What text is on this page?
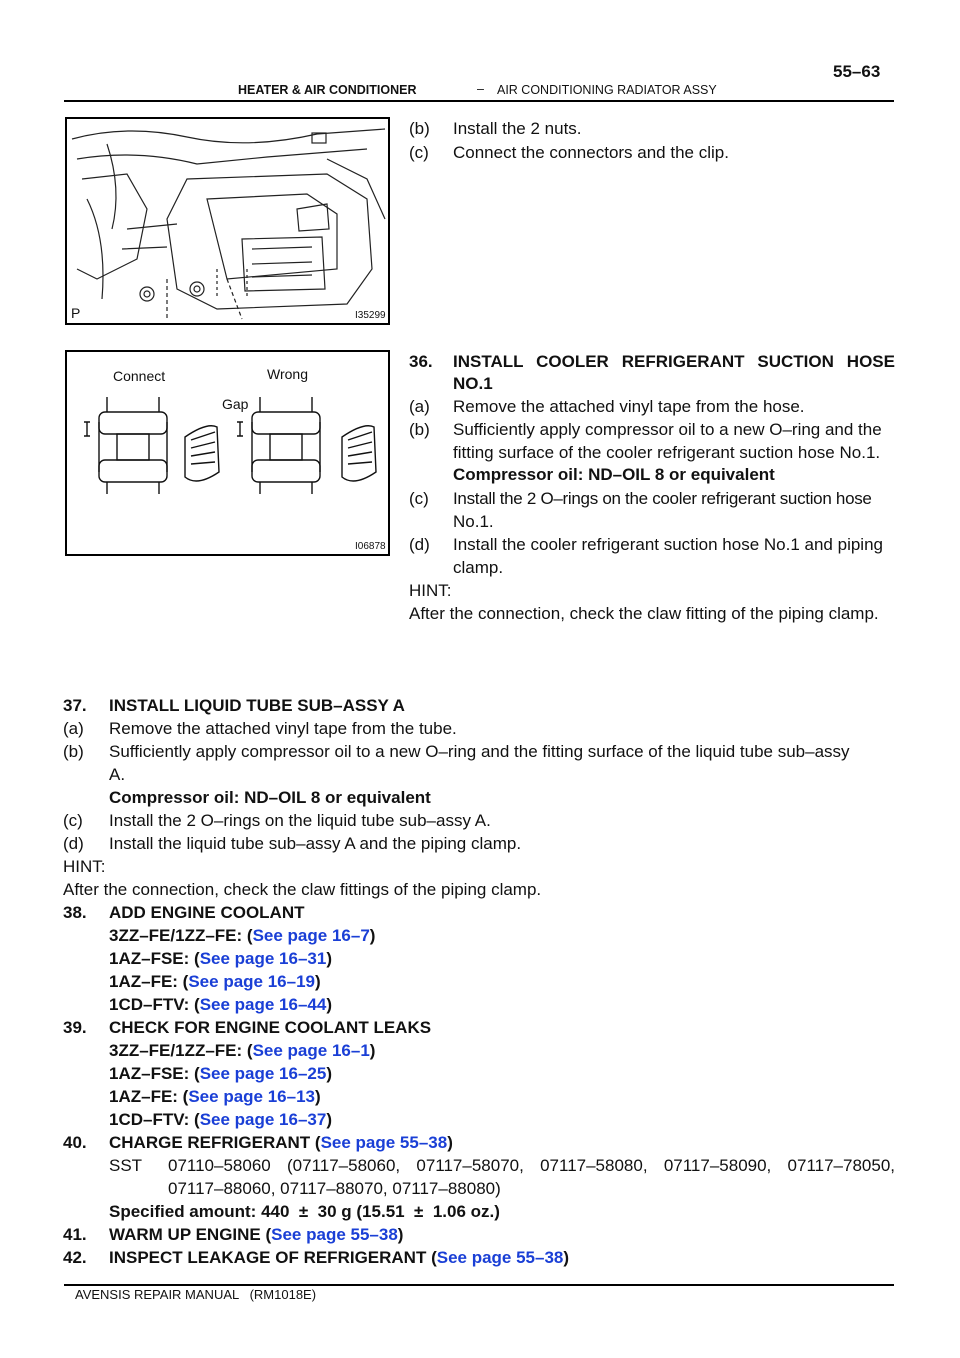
55–63
HEATER & AIR CONDITIONER	– AIR CONDITIONING RADIATOR ASSY
I35299
P
Connect	Wrong
Gap
I06878
(b) Install the 2 nuts.
(c) Connect the connectors and the clip.
36. INSTALL COOLER REFRIGERANT SUCTION HOSE
NO.1
(a) Remove the attached vinyl tape from the hose.
(b) Sufficiently apply compressor oil to a new O–ring and the
fitting surface of the cooler refrigerant suction hose No.1.
Compressor oil: ND–OIL 8 or equivalent
(c) Install the 2 O–rings on the cooler refrigerant suction hose
No.1.
(d) Install the cooler refrigerant suction hose No.1 and piping
clamp.
HINT:
After the connection, check the claw fitting of the piping clamp.
37. INSTALL LIQUID TUBE SUB–ASSY A
(a) Remove the attached vinyl tape from the tube.
(b) Sufficiently apply compressor oil to a new O–ring and the fitting surface of the liquid tube sub–assy
A.
Compressor oil: ND–OIL 8 or equivalent
(c) Install the 2 O–rings on the liquid tube sub–assy A.
(d) Install the liquid tube sub–assy A and the piping clamp.
HINT:
After the connection, check the claw fittings of the piping clamp.
38. ADD ENGINE COOLANT
3ZZ–FE/1ZZ–FE: (See page 16–7)
1AZ–FSE: (See page 16–31)
1AZ–FE: (See page 16–19)
1CD–FTV: (See page 16–44)
39. CHECK FOR ENGINE COOLANT LEAKS
3ZZ–FE/1ZZ–FE: (See page 16–1)
1AZ–FSE: (See page 16–25)
1AZ–FE: (See page 16–13)
1CD–FTV: (See page 16–37)
40. CHARGE REFRIGERANT (See page 55–38)
SST 07110–58060 (07117–58060, 07117–58070, 07117–58080, 07117–58090, 07117–78050,
07117–88060, 07117–88070, 07117–88080)
Specified amount: 440  ±  30 g (15.51  ±  1.06 oz.)
41. WARM UP ENGINE (See page 55–38)
42. INSPECT LEAKAGE OF REFRIGERANT (See page 55–38)
AVENSIS REPAIR MANUAL   (RM1018E)
